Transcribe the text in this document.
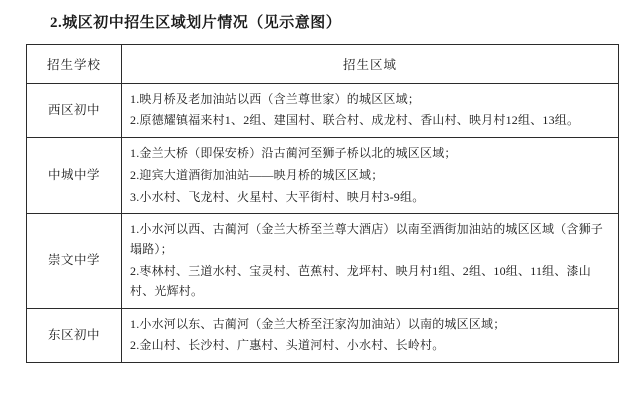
2.城区初中招生区域划片情况（见示意图）
招生学校	招生区域
西区初中	1.映月桥及老加油站以西（含兰尊世家）的城区区域；
2.原德耀镇福来村1、2组、建国村、联合村、成龙村、香山村、映月村12组、13组。

中城中学	1.金兰大桥（即保安桥）沿古蔺河至狮子桥以北的城区区域；
2.迎宾大道酒街加油站――映月桥的城区区域；
3.小水村、飞龙村、火星村、大平街村、映月村3-9组。

崇文中学	1.小水河以西、古蔺河（金兰大桥至兰尊大酒店）以南至酒街加油站的城区区域（含狮子塌路）；
2.枣林村、三道水村、宝灵村、芭蕉村、龙坪村、映月村1组、2组、10组、11组、漆山村、光辉村。

东区初中	1.小水河以东、古蔺河（金兰大桥至汪家沟加油站）以南的城区区域；
2.金山村、长沙村、广惠村、头道河村、小水村、长岭村。
